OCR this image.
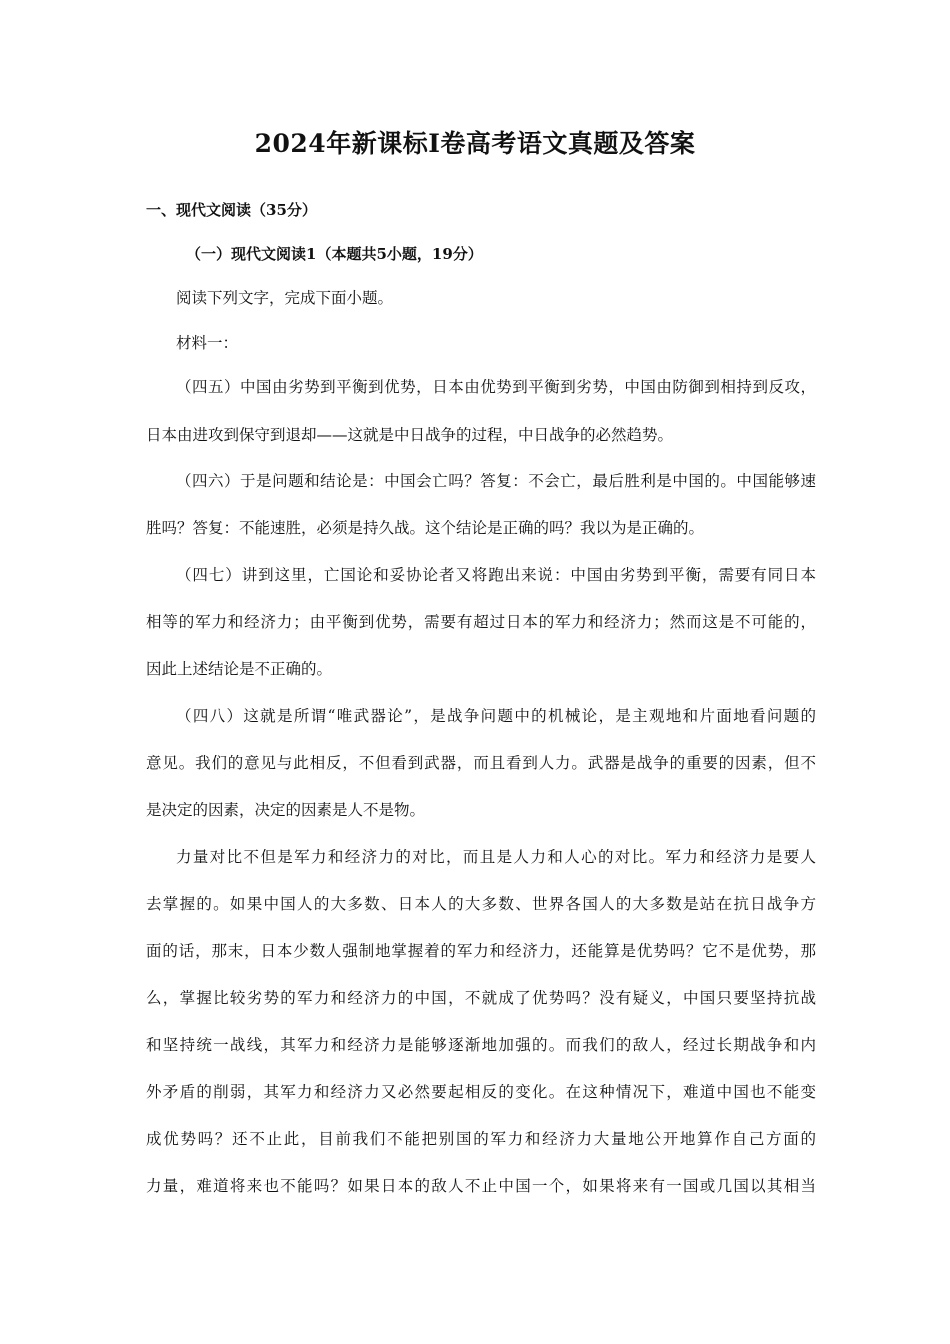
2024年新课标Ⅰ卷高考语文真题及答案
一、现代文阅读（35分）
（一）现代文阅读1（本题共5小题，19分）
阅读下列文字，完成下面小题。
材料一：
（四五）中国由劣势到平衡到优势，日本由优势到平衡到劣势，中国由防御到相持到反攻，
日本由进攻到保守到退却——这就是中日战争的过程，中日战争的必然趋势。
（四六）于是问题和结论是：中国会亡吗？答复：不会亡，最后胜利是中国的。中国能够速
胜吗？答复：不能速胜，必须是持久战。这个结论是正确的吗？我以为是正确的。
（四七）讲到这里，亡国论和妥协论者又将跑出来说：中国由劣势到平衡，需要有同日本
相等的军力和经济力；由平衡到优势，需要有超过日本的军力和经济力；然而这是不可能的，
因此上述结论是不正确的。
（四八）这就是所谓“唯武器论”，是战争问题中的机械论，是主观地和片面地看问题的
意见。我们的意见与此相反，不但看到武器，而且看到人力。武器是战争的重要的因素，但不
是决定的因素，决定的因素是人不是物。
力量对比不但是军力和经济力的对比，而且是人力和人心的对比。军力和经济力是要人
去掌握的。如果中国人的大多数、日本人的大多数、世界各国人的大多数是站在抗日战争方
面的话，那末，日本少数人强制地掌握着的军力和经济力，还能算是优势吗？它不是优势，那
么，掌握比较劣势的军力和经济力的中国，不就成了优势吗？没有疑义，中国只要坚持抗战
和坚持统一战线，其军力和经济力是能够逐渐地加强的。而我们的敌人，经过长期战争和内
外矛盾的削弱，其军力和经济力又必然要起相反的变化。在这种情况下，难道中国也不能变
成优势吗？还不止此，目前我们不能把别国的军力和经济力大量地公开地算作自己方面的
力量，难道将来也不能吗？如果日本的敌人不止中国一个，如果将来有一国或几国以其相当
